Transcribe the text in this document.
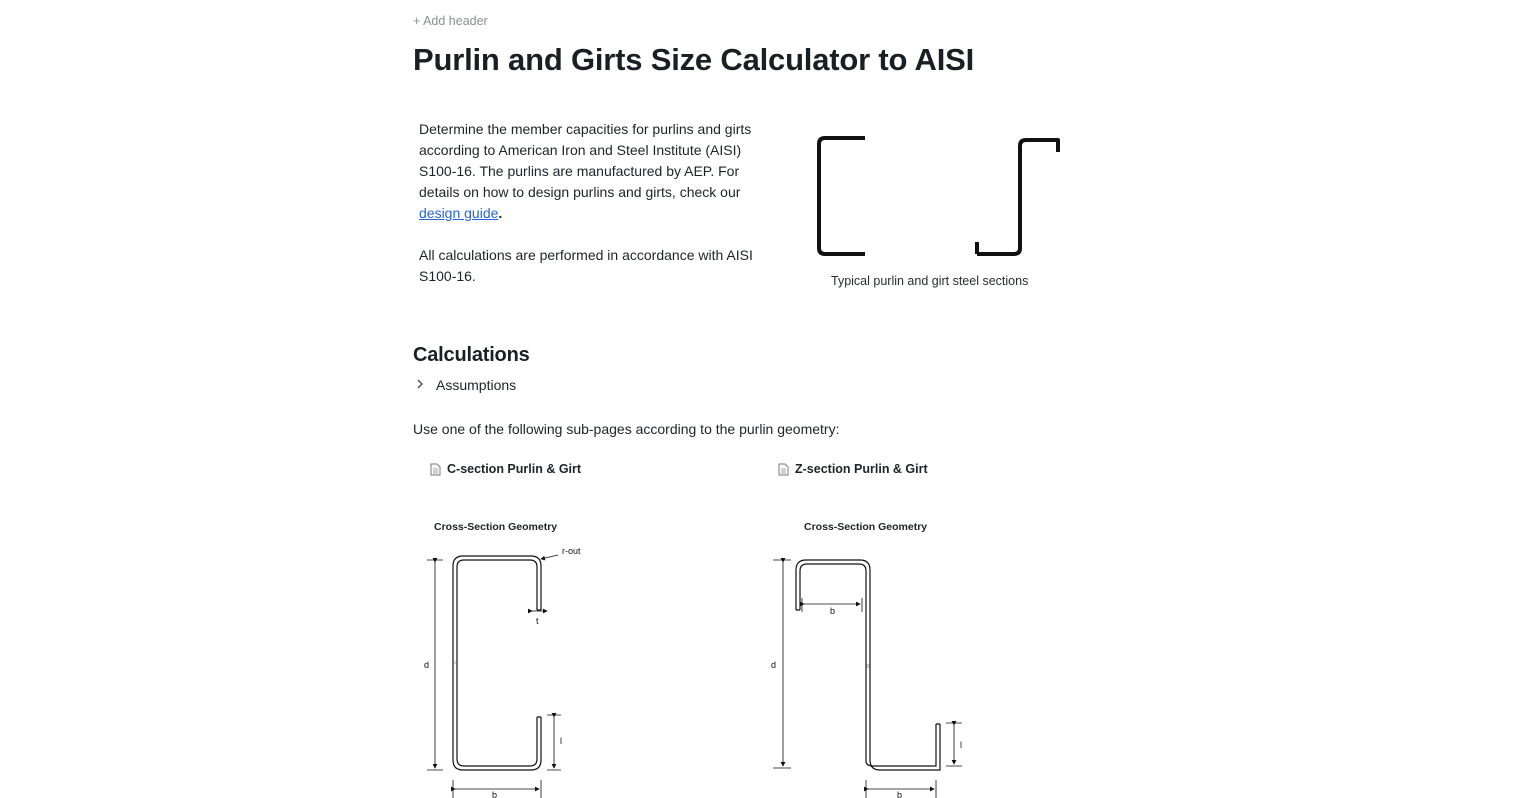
+ Add header
Purlin and Girts Size Calculator to AISI

Determine the member capacities for purlins and girts according to American Iron and Steel Institute (AISI) S100-16. The purlins are manufactured by AEP. For details on how to design purlins and girts, check our design guide.

All calculations are performed in accordance with AISI S100-16.	Typical purlin and girt steel sections
Calculations
Assumptions
Use one of the following sub-pages according to the purlin geometry:
C-section Purlin & Girt	Z-section Purlin & Girt
Cross-Section Geometry
r-out
t
d
l
b
Cross-Section Geometry
b
d
l
b
